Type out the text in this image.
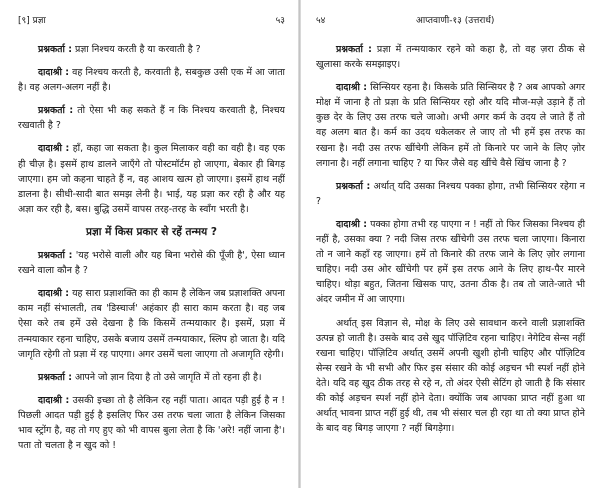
[९] प्रज्ञा	५३

प्रश्नकर्ता : प्रज्ञा निश्चय करती है या करवाती है ?

दादाश्री : वह निश्चय करती है, करवाती है, सबकुछ उसी एक में आ जाता है। वह अलग-अलग नहीं है।

प्रश्नकर्ता : तो ऐसा भी कह सकते हैं न कि निश्चय करवाती है, निश्चय रखवाती है ?

दादाश्री : हाँ, कहा जा सकता है। कुल मिलाकर वही का वही है। वह एक ही चीज़ है। इसमें हाथ डालने जाएँगे तो पोस्टमॉर्टम हो जाएगा, बेकार ही बिगड़ जाएगा। हम जो कहना चाहते हैं न, वह आशय खत्म हो जाएगा। इसमें हाथ नहीं डालना है। सीधी-सादी बात समझ लेनी है। भाई, यह प्रज्ञा कर रही है और यह अज्ञा कर रही है, बस। बुद्धि उसमें वापस तरह-तरह के स्वाँग भरती है।

प्रज्ञा में किस प्रकार से रहें तन्मय ?

प्रश्नकर्ता : 'यह भरोसे वाली और यह बिना भरोसे की पूँजी है', ऐसा ध्यान रखने वाला कौन है ?

दादाश्री : यह सारा प्रज्ञाशक्ति का ही काम है लेकिन जब प्रज्ञाशक्ति अपना काम नहीं संभालती, तब 'डिस्चार्ज' अहंकार ही सारा काम करता है। वह जब ऐसा करे तब हमें उसे देखना है कि किसमें तन्मयाकार है। इसमें, प्रज्ञा में तन्मयाकार रहना चाहिए, उसके बजाय उसमें तन्मयाकार, स्लिप हो जाता है। यदि जागृति रहेगी तो प्रज्ञा में रह पाएगा। अगर उसमें चला जाएगा तो अजागृति रहेगी।

प्रश्नकर्ता : आपने जो ज्ञान दिया है तो उसे जागृति में तो रहना ही है।

दादाश्री : उसकी इच्छा तो है लेकिन रह नहीं पाता। आदत पड़ी हुई है न ! पिछली आदत पड़ी हुई है इसलिए फिर उस तरफ चला जाता है लेकिन जिसका भाव स्ट्रोंग है, वह तो गए हुए को भी वापस बुला लेता है कि 'अरे! नहीं जाना है'। पता तो चलता है न खुद को !

५४	आप्तवाणी-१३ (उत्तरार्ध)

प्रश्नकर्ता : प्रज्ञा में तन्मयाकार रहने को कहा है, तो वह ज़रा ठीक से खुलासा करके समझाइए।

दादाश्री : सिन्सियर रहना है। किसके प्रति सिन्सियर है ? अब आपको अगर मोक्ष में जाना है तो प्रज्ञा के प्रति सिन्सियर रहो और यदि मौज-मज़े उड़ाने हैं तो कुछ देर के लिए उस तरफ चले जाओ। अभी अगर कर्म के उदय ले जाते हैं तो वह अलग बात है। कर्म का उदय धकेलकर ले जाए तो भी हमें इस तरफ का रखना है। नदी उस तरफ खींचेगी लेकिन हमें तो किनारे पर जाने के लिए ज़ोर लगाना है। नहीं लगाना चाहिए ? या फिर जैसे वह खींचे वैसे खिंच जाना है ?

प्रश्नकर्ता : अर्थात् यदि उसका निश्चय पक्का होगा, तभी सिन्सियर रहेगा न ?

दादाश्री : पक्का होगा तभी रह पाएगा न ! नहीं तो फिर जिसका निश्चय ही नहीं है, उसका क्या ? नदी जिस तरफ खींचेगी उस तरफ चला जाएगा। किनारा तो न जाने कहाँ रह जाएगा। हमें तो किनारे की तरफ जाने के लिए ज़ोर लगाना चाहिए। नदी उस ओर खींचेगी पर हमें इस तरफ आने के लिए हाथ-पैर मारने चाहिए। थोड़ा बहुत, जितना खिसक पाए, उतना ठीक है। तब तो जाते-जाते भी अंदर जमीन में आ जाएगा।

अर्थात् इस विज्ञान से, मोक्ष के लिए उसे सावधान करने वाली प्रज्ञाशक्ति उत्पन्न हो जाती है। उसके बाद उसे खुद पॉज़िटिव रहना चाहिए। नेगेटिव सेन्स नहीं रखना चाहिए। पॉज़िटिव अर्थात् उसमें अपनी खुशी होनी चाहिए और पॉज़िटिव सेन्स रखने के भी सभी और फिर इस संसार की कोई अड़चन भी स्पर्श नहीं होने देते। यदि वह खुद ठीक तरह से रहे न, तो अंदर ऐसी सेटिंग हो जाती है कि संसार की कोई अड़चन स्पर्श नहीं होने देता। क्योंकि जब आपका प्राप्त नहीं हुआ था अर्थात् भावना प्राप्त नहीं हुई थी, तब भी संसार चल ही रहा था तो क्या प्राप्त होने के बाद वह बिगड़ जाएगा ? नहीं बिगड़ेगा।
